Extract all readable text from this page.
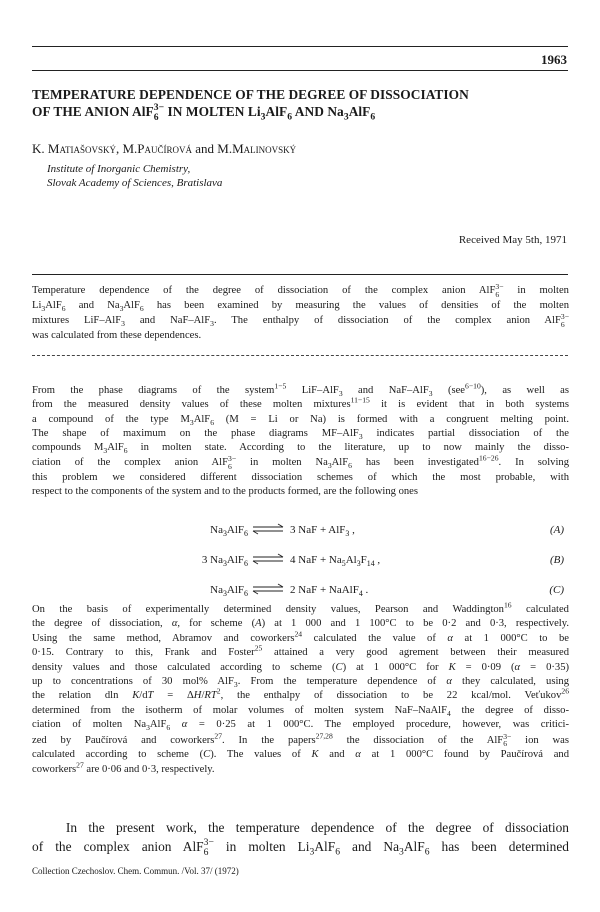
1963
TEMPERATURE DEPENDENCE OF THE DEGREE OF DISSOCIATION
OF THE ANION AlF 3−
6 IN MOLTEN $Li_3AlF_6$ AND $Na_3AlF_6$
K. Matiašovský, M.Paučírová and M.Malinovský
Institute of Inorganic Chemistry,
Slovak Academy of Sciences, Bratislava
Received May 5th, 1971
Temperature dependence of the degree of dissociation of the complex anion AlF 3−
6 in molten
$Li_3AlF_6$ and $Na_3AlF_6$ has been examined by measuring the values of densities of the molten
mixtures LiF–AlF$_3$ and NaF–AlF$_3$. The enthalpy of dissociation of the complex anion AlF 3−
6
was calculated from these dependences.
From the phase diagrams of the system$^{1-5}$ LiF–AlF$_3$ and NaF–AlF$_3$ (see$^{6-10}$), as well as
from the measured density values of these molten mixtures$^{11-15}$ it is evident that in both systems
a compound of the type $M_3AlF_6$ (M = Li or Na) is formed with a congruent melting point.
The shape of maximum on the phase diagrams MF–AlF$_3$ indicates partial dissociation of the
compounds $M_3AlF_6$ in molten state. According to the literature, up to now mainly the disso-
ciation of the complex anion AlF 3−
6 in molten $Na_3AlF_6$ has been investigated$^{16-26}$. In solving
this problem we considered different dissociation schemes of which the most probable, with
respect to the components of the system and to the products formed, are the following ones
$Na_3AlF_6$ ⇌ 3 NaF + AlF$_3$ ,	(A)
3 $Na_3AlF_6$ ⇌ 4 NaF + $Na_5Al_3F_{14}$ ,	(B)
$Na_3AlF_6$ ⇌ 2 NaF + NaAlF$_4$ .	(C)
On the basis of experimentally determined density values, Pearson and Waddington$^{16}$ calculated
the degree of dissociation, α, for scheme (A) at 1 000 and 1 100°C to be 0·2 and 0·3, respectively.
Using the same method, Abramov and coworkers$^{24}$ calculated the value of α at 1 000°C to be
0·15. Contrary to this, Frank and Foster$^{25}$ attained a very good agrement between their measured
density values and those calculated according to scheme (C) at 1 000°C for K = 0·09 (α = 0·35)
up to concentrations of 30 mol% AlF$_3$. From the temperature dependence of α they calculated, using
the relation dln $K/dT = \Delta H/RT^2$, the enthalpy of dissociation to be 22 kcal/mol. Veťukov$^{26}$
determined from the isotherm of molar volumes of molten system NaF–NaAlF$_4$ the degree of disso-
ciation of molten $Na_3AlF_6$ α = 0·25 at 1 000°C. The employed procedure, however, was critici-
zed by Paučírová and coworkers$^{27}$. In the papers$^{27,28}$ the dissociation of the AlF 3−
6 ion was
calculated according to scheme (C). The values of K and α at 1 000°C found by Paučírová and
coworkers$^{27}$ are 0·06 and 0·3, respectively.
In the present work, the temperature dependence of the degree of dissociation
of the complex anion AlF 3−
6 in molten $Li_3AlF_6$ and $Na_3AlF_6$ has been determined
Collection Czechoslov. Chem. Commun. /Vol. 37/ (1972)
